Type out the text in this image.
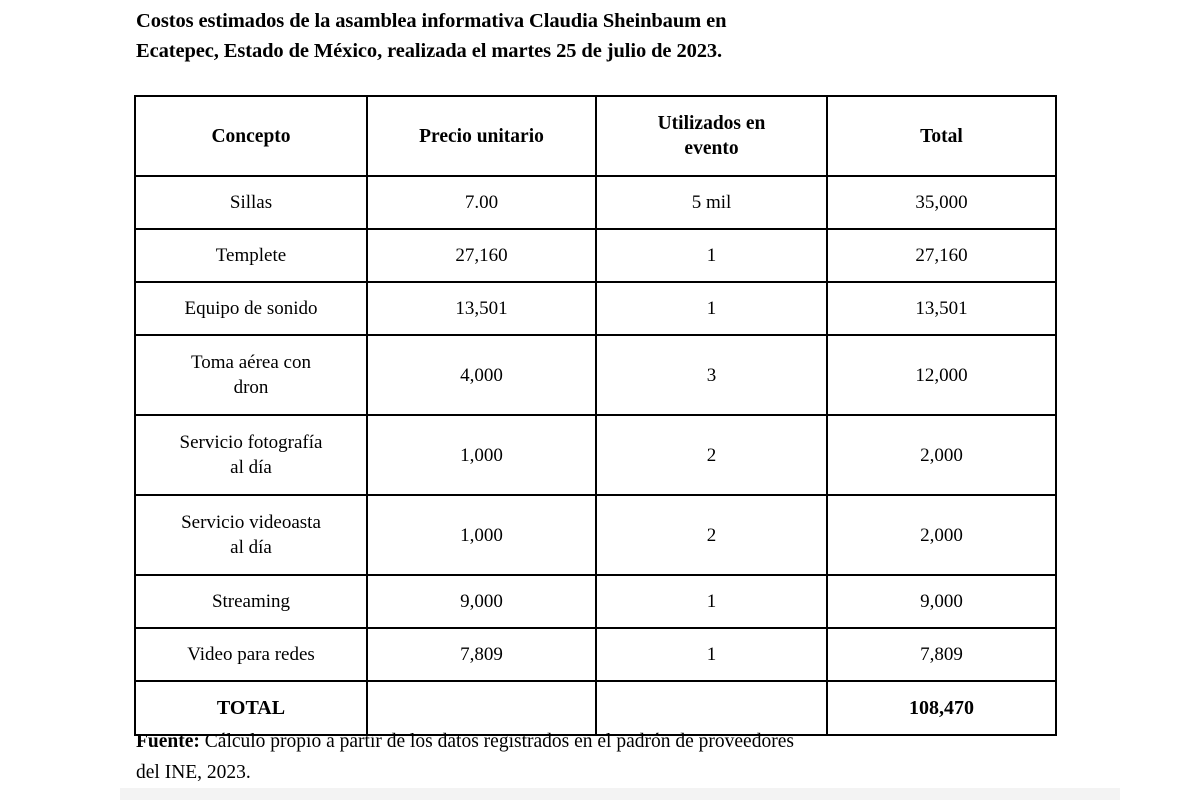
Costos estimados de la asamblea informativa Claudia Sheinbaum en
Ecatepec, Estado de México, realizada el martes 25 de julio de 2023.
Concepto	Precio unitario	Utilizados en
evento	Total
Sillas	7.00	5 mil	35,000
Templete	27,160	1	27,160
Equipo de sonido	13,501	1	13,501
Toma aérea con
dron	4,000	3	12,000
Servicio fotografía
al día	1,000	2	2,000
Servicio videoasta
al día	1,000	2	2,000
Streaming	9,000	1	9,000
Video para redes	7,809	1	7,809
TOTAL			108,470
Fuente: Cálculo propio a partir de los datos registrados en el padrón de proveedores
del INE, 2023.
